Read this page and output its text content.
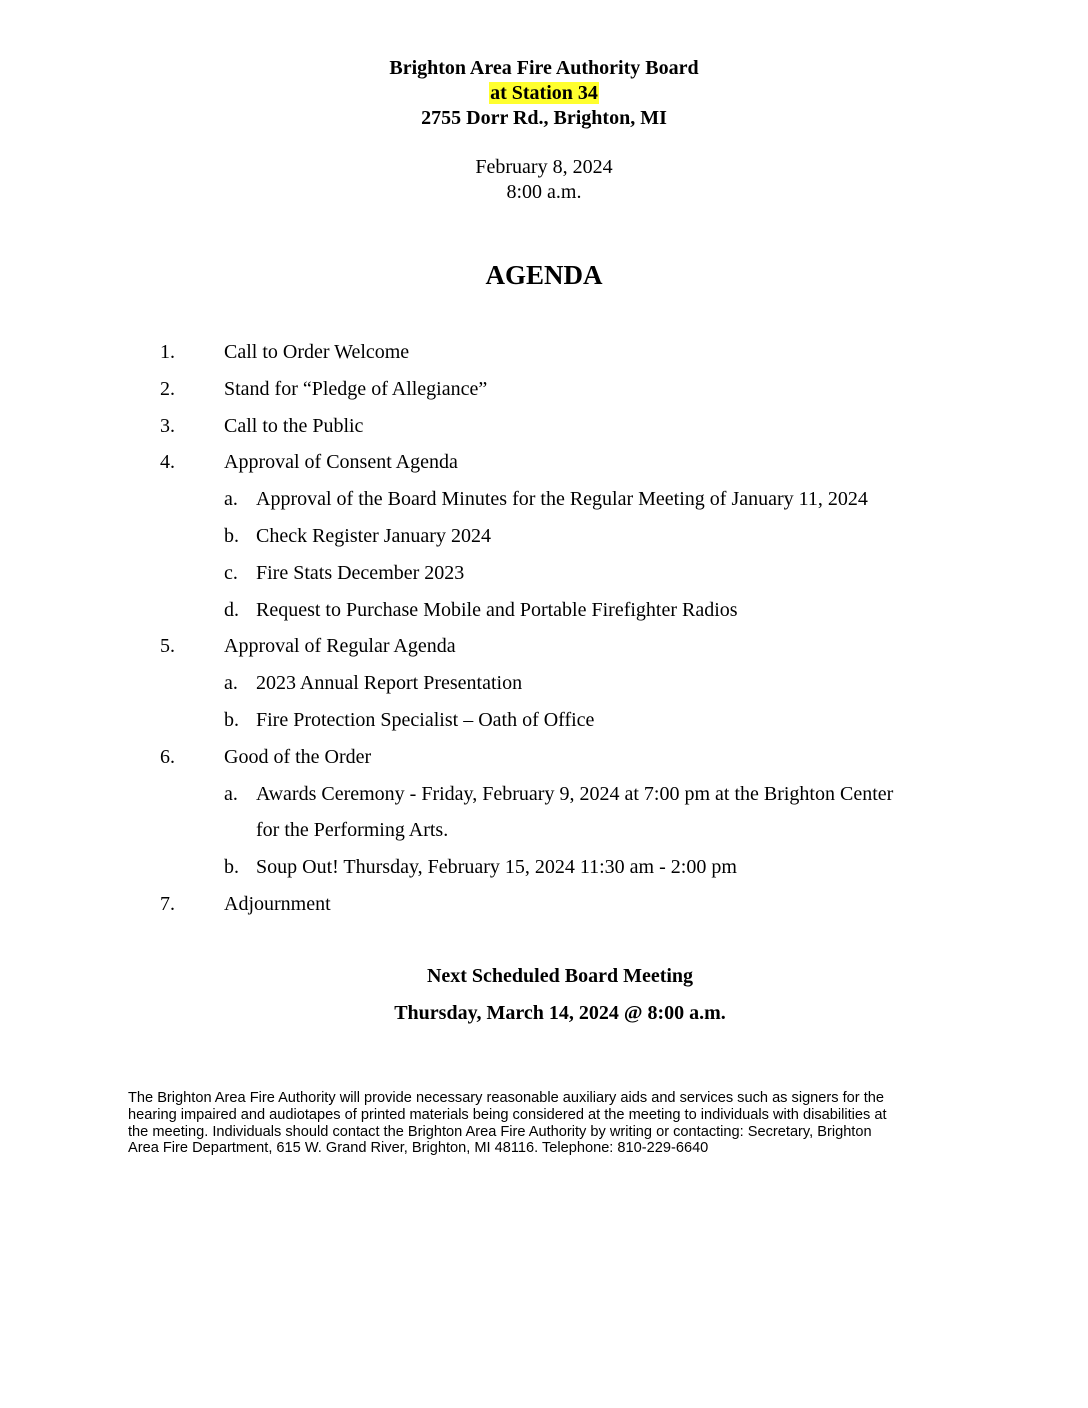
Brighton Area Fire Authority Board
at Station 34
2755 Dorr Rd., Brighton, MI
February 8, 2024
8:00 a.m.
AGENDA
1. Call to Order Welcome
2. Stand for “Pledge of Allegiance”
3. Call to the Public
4. Approval of Consent Agenda
a. Approval of the Board Minutes for the Regular Meeting of January 11, 2024
b. Check Register January 2024
c. Fire Stats December 2023
d. Request to Purchase Mobile and Portable Firefighter Radios
5. Approval of Regular Agenda
a. 2023 Annual Report Presentation
b. Fire Protection Specialist – Oath of Office
6. Good of the Order
a. Awards Ceremony - Friday, February 9, 2024 at 7:00 pm at the Brighton Center
for the Performing Arts.
b. Soup Out! Thursday, February 15, 2024 11:30 am - 2:00 pm
7. Adjournment
Next Scheduled Board Meeting
Thursday, March 14, 2024 @ 8:00 a.m.
The Brighton Area Fire Authority will provide necessary reasonable auxiliary aids and services such as signers for the
hearing impaired and audiotapes of printed materials being considered at the meeting to individuals with disabilities at
the meeting. Individuals should contact the Brighton Area Fire Authority by writing or contacting: Secretary, Brighton
Area Fire Department, 615 W. Grand River, Brighton, MI 48116. Telephone: 810-229-6640
